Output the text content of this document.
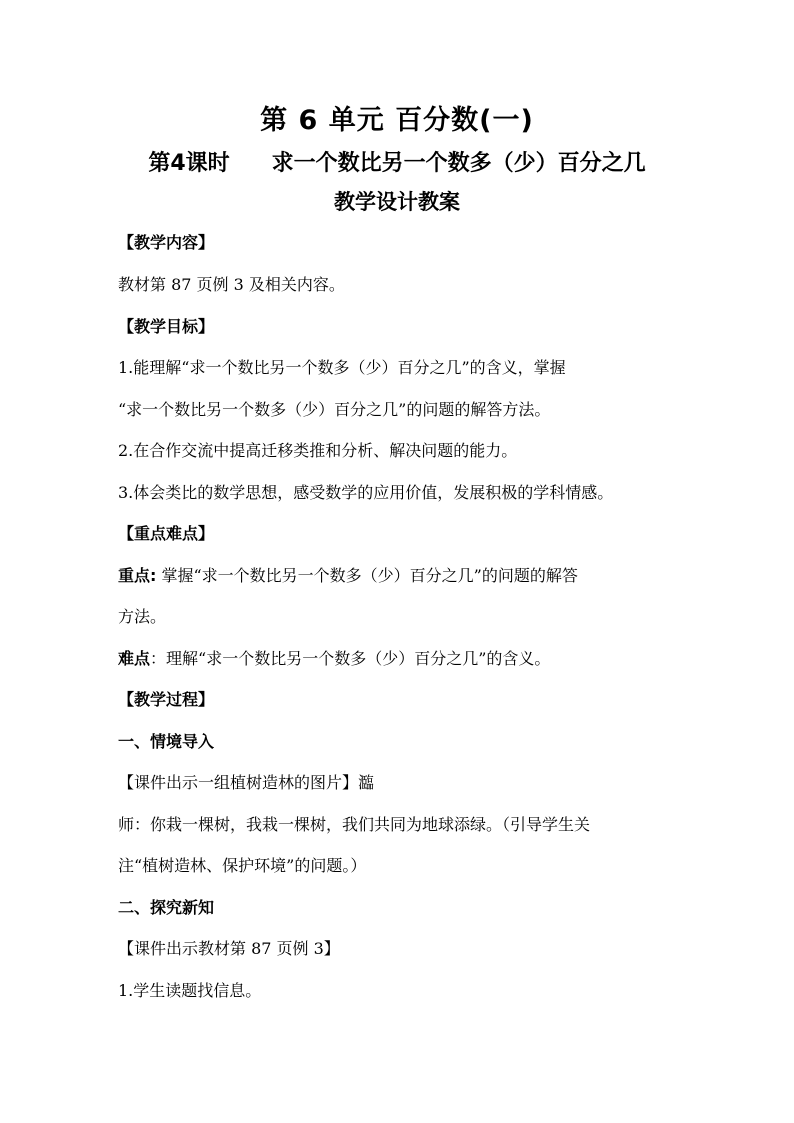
第 6 单元 百分数(一)
第4课时 求一个数比另一个数多（少）百分之几
教学设计教案
【教学内容】
教材第 87 页例 3 及相关内容。
【教学目标】
1.能理解“求一个数比另一个数多（少）百分之几”的含义，掌握
“求一个数比另一个数多（少）百分之几”的问题的解答方法。
2.在合作交流中提高迁移类推和分析、解决问题的能力。
3.体会类比的数学思想，感受数学的应用价值，发展积极的学科情感。
【重点难点】
重点: 掌握“求一个数比另一个数多（少）百分之几”的问题的解答
方法。
难点：理解“求一个数比另一个数多（少）百分之几”的含义。
【教学过程】
一、情境导入
【课件出示一组植树造林的图片】瀶
师：你栽一棵树，我栽一棵树，我们共同为地球添绿。（引导学生关
注“植树造林、保护环境”的问题。）
二、探究新知
【课件出示教材第 87 页例 3】
1.学生读题找信息。
